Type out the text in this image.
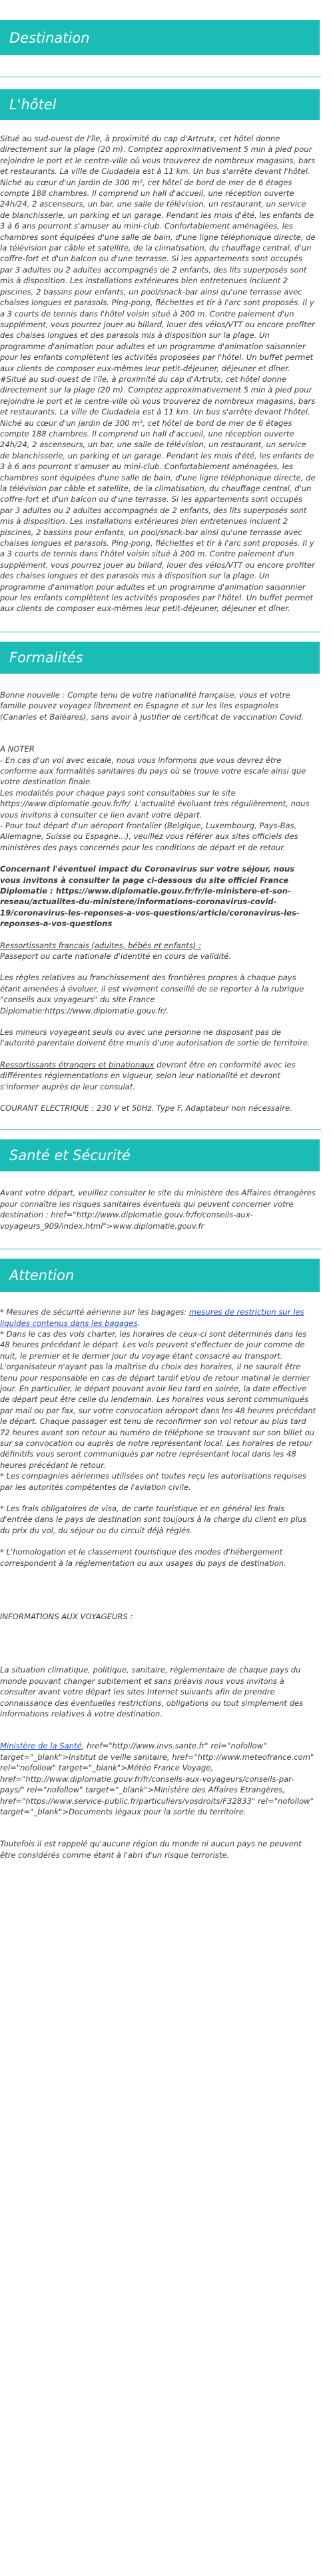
Destination
L'hôtel

Situé au sud-ouest de l'île, à proximité du cap d'Artrutx, cet hôtel donne directement sur la plage (20 m). Comptez approximativement 5 min à pied pour rejoindre le port et le centre-ville où vous trouverez de nombreux magasins, bars et restaurants. La ville de Ciudadela est à 11 km. Un bus s'arrête devant l'hôtel. Niché au cœur d'un jardin de 300 m², cet hôtel de bord de mer de 6 étages compte 188 chambres. Il comprend un hall d'accueil, une réception ouverte 24h/24, 2 ascenseurs, un bar, une salle de télévision, un restaurant, un service de blanchisserie, un parking et un garage. Pendant les mois d'été, les enfants de 3 à 6 ans pourront s'amuser au mini-club. Confortablement aménagées, les chambres sont équipées d'une salle de bain, d'une ligne téléphonique directe, de la télévision par câble et satellite, de la climatisation, du chauffage central, d'un coffre-fort et d'un balcon ou d'une terrasse. Si les appartements sont occupés par 3 adultes ou 2 adultes accompagnés de 2 enfants, des lits superposés sont mis à disposition. Les installations extérieures bien entretenues incluent 2 piscines, 2 bassins pour enfants, un pool/snack-bar ainsi qu'une terrasse avec chaises longues et parasols. Ping-pong, fléchettes et tir à l'arc sont proposés. Il y a 3 courts de tennis dans l'hôtel voisin situé à 200 m. Contre paiement d'un supplément, vous pourrez jouer au billard, louer des vélos/VTT ou encore profiter des chaises longues et des parasols mis à disposition sur la plage. Un programme d'animation pour adultes et un programme d'animation saisonnier pour les enfants complètent les activités proposées par l'hôtel. Un buffet permet aux clients de composer eux-mêmes leur petit-déjeuner, déjeuner et dîner.

#Situé au sud-ouest de l'île, à proximité du cap d'Artrutx, cet hôtel donne directement sur la plage (20 m). Comptez approximativement 5 min à pied pour rejoindre le port et le centre-ville où vous trouverez de nombreux magasins, bars et restaurants. La ville de Ciudadela est à 11 km. Un bus s'arrête devant l'hôtel. Niché au cœur d'un jardin de 300 m², cet hôtel de bord de mer de 6 étages compte 188 chambres. Il comprend un hall d'accueil, une réception ouverte 24h/24, 2 ascenseurs, un bar, une salle de télévision, un restaurant, un service de blanchisserie, un parking et un garage. Pendant les mois d'été, les enfants de 3 à 6 ans pourront s'amuser au mini-club. Confortablement aménagées, les chambres sont équipées d'une salle de bain, d'une ligne téléphonique directe, de la télévision par câble et satellite, de la climatisation, du chauffage central, d'un coffre-fort et d'un balcon ou d'une terrasse. Si les appartements sont occupés par 3 adultes ou 2 adultes accompagnés de 2 enfants, des lits superposés sont mis à disposition. Les installations extérieures bien entretenues incluent 2 piscines, 2 bassins pour enfants, un pool/snack-bar ainsi qu'une terrasse avec chaises longues et parasols. Ping-pong, fléchettes et tir à l'arc sont proposés. Il y a 3 courts de tennis dans l'hôtel voisin situé à 200 m. Contre paiement d'un supplément, vous pourrez jouer au billard, louer des vélos/VTT ou encore profiter des chaises longues et des parasols mis à disposition sur la plage. Un programme d'animation pour adultes et un programme d'animation saisonnier pour les enfants complètent les activités proposées par l'hôtel. Un buffet permet aux clients de composer eux-mêmes leur petit-déjeuner, déjeuner et dîner.

Formalités

Bonne nouvelle : Compte tenu de votre nationalité française, vous et votre famille pouvez voyagez librement en Espagne et sur les iles espagnoles (Canaries et Baléares), sans avoir à justifier de certificat de vaccination Covid.

A NOTER

- En cas d'un vol avec escale, nous vous informons que vous devrez être conforme aux formalités sanitaires du pays où se trouve votre escale ainsi que votre destination finale.

Les modalités pour chaque pays sont consultables sur le site https://www.diplomatie.gouv.fr/fr/. L'actualité évoluant très régulièrement, nous vous invitons à consulter ce lien avant votre départ.

- Pour tout départ d'un aéroport frontalier (Belgique, Luxembourg, Pays-Bas, Allemagne, Suisse ou Espagne...), veuillez vous référer aux sites officiels des ministères des pays concernés pour les conditions de départ et de retour.

Concernant l'éventuel impact du Coronavirus sur votre séjour, nous vous invitons à consulter la page ci-dessous du site officiel France Diplomatie : https://www.diplomatie.gouv.fr/fr/le-ministere-et-son-reseau/actualites-du-ministere/informations-coronavirus-covid-19/coronavirus-les-reponses-a-vos-questions/article/coronavirus-les-reponses-a-vos-questions

Ressortissants français (adultes, bébés et enfants) :

Passeport ou carte nationale d'identité en cours de validité.

Les règles relatives au franchissement des frontières propres à chaque pays étant amenées à évoluer, il est vivement conseillé de se reporter à la rubrique "conseils aux voyageurs" du site France Diplomatie:https://www.diplomatie.gouv.fr/.

Les mineurs voyageant seuls ou avec une personne ne disposant pas de l'autorité parentale doivent être munis d'une autorisation de sortie de territoire.

Ressortissants étrangers et binationaux devront être en conformité avec les différentes réglementations en vigueur, selon leur nationalité et devront s'informer auprès de leur consulat.

COURANT ELECTRIQUE : 230 V et 50Hz. Type F. Adaptateur non nécessaire.

Santé et Sécurité

Avant votre départ, veuillez consulter le site du ministère des Affaires étrangères pour connaître les risques sanitaires éventuels qui peuvent concerner votre destination : href="http://www.diplomatie.gouv.fr/fr/conseils-aux-voyageurs_909/index.html">www.diplomatie.gouv.fr

Attention

* Mesures de sécurité aérienne sur les bagages: mesures de restriction sur les liquides contenus dans les bagages.

* Dans le cas des vols charter, les horaires de ceux-ci sont déterminés dans les 48 heures précédant le départ. Les vols peuvent s'effectuer de jour comme de nuit, le premier et le dernier jour du voyage étant consacré au transport. L'organisateur n'ayant pas la maîtrise du choix des horaires, il ne saurait être tenu pour responsable en cas de départ tardif et/ou de retour matinal le dernier jour. En particulier, le départ pouvant avoir lieu tard en soirée, la date effective de départ peut être celle du lendemain. Les horaires vous seront communiqués par mail ou par fax, sur votre convocation aéroport dans les 48 heures précédant le départ. Chaque passager est tenu de reconfirmer son vol retour au plus tard 72 heures avant son retour au numéro de téléphone se trouvant sur son billet ou sur sa convocation ou auprès de notre représentant local. Les horaires de retour définitifs vous seront communiqués par notre représentant local dans les 48 heures précédant le retour.

* Les compagnies aériennes utilisées ont toutes reçu les autorisations requises par les autorités compétentes de l'aviation civile.

* Les frais obligatoires de visa, de carte touristique et en général les frais d'entrée dans le pays de destination sont toujours à la charge du client en plus du prix du vol, du séjour ou du circuit déjà réglés.

* L'homologation et le classement touristique des modes d'hébergement correspondent à la réglementation ou aux usages du pays de destination.

INFORMATIONS AUX VOYAGEURS :

La situation climatique, politique, sanitaire, réglementaire de chaque pays du monde pouvant changer subitement et sans préavis nous vous invitons à consulter avant votre départ les sites Internet suivants afin de prendre connaissance des éventuelles restrictions, obligations ou tout simplement des informations relatives à votre destination.

Ministère de la Santé, href="http://www.invs.sante.fr" rel="nofollow" target="_blank">Institut de veille sanitaire, href="http://www.meteofrance.com" rel="nofollow" target="_blank">Météo France Voyage, href="http://www.diplomatie.gouv.fr/fr/conseils-aux-voyageurs/conseils-par-pays/" rel="nofollow" target="_blank">Ministère des Affaires Etrangères, href="https://www.service-public.fr/particuliers/vosdroits/F32833" rel="nofollow" target="_blank">Documents légaux pour la sortie du territoire.

Toutefois il est rappelé qu'aucune région du monde ni aucun pays ne peuvent être considérés comme étant à l'abri d'un risque terroriste.
